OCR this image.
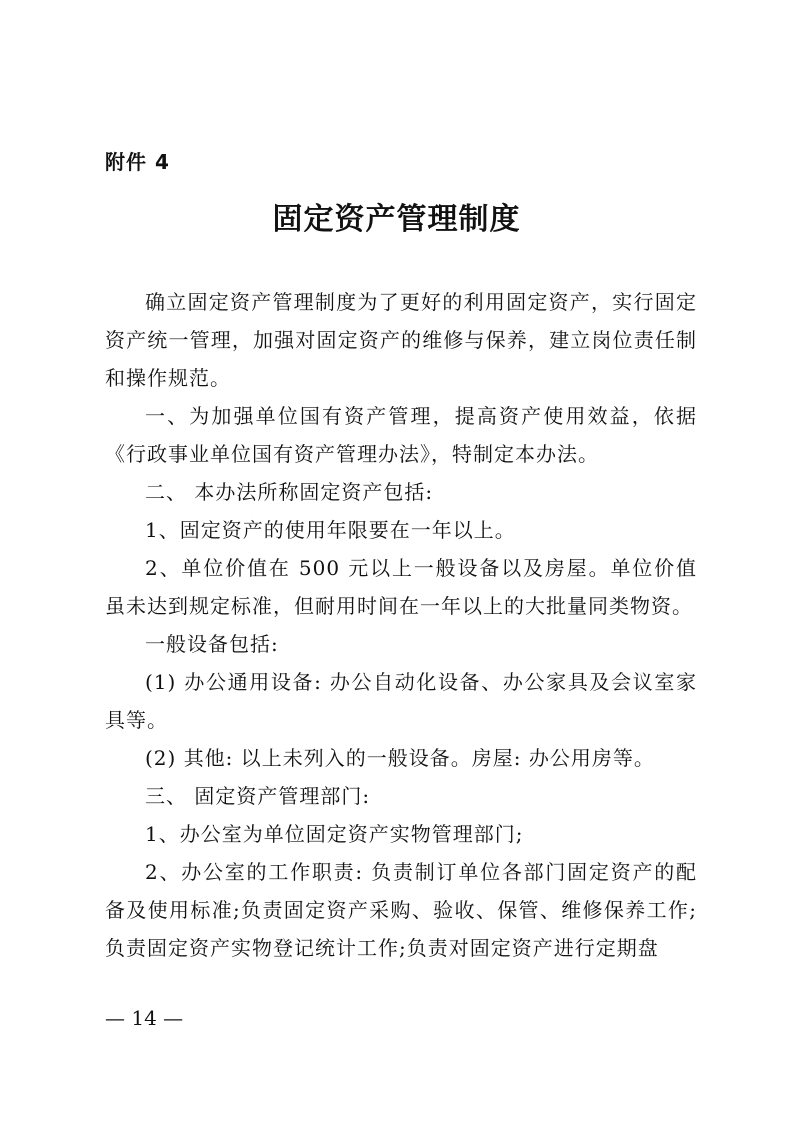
附件 4
固定资产管理制度

确立固定资产管理制度为了更好的利用固定资产，实行固定资产统一管理，加强对固定资产的维修与保养，建立岗位责任制和操作规范。

一、为加强单位国有资产管理，提高资产使用效益，依据《行政事业单位国有资产管理办法》，特制定本办法。

二、 本办法所称固定资产包括:

1、固定资产的使用年限要在一年以上。

2、单位价值在 500 元以上一般设备以及房屋。单位价值虽未达到规定标准，但耐用时间在一年以上的大批量同类物资。

一般设备包括:

(1) 办公通用设备: 办公自动化设备、办公家具及会议室家具等。

(2) 其他: 以上未列入的一般设备。房屋: 办公用房等。

三、 固定资产管理部门:

1、办公室为单位固定资产实物管理部门;

2、办公室的工作职责: 负责制订单位各部门固定资产的配备及使用标准;负责固定资产采购、验收、保管、维修保养工作;负责固定资产实物登记统计工作;负责对固定资产进行定期盘

— 14 —
